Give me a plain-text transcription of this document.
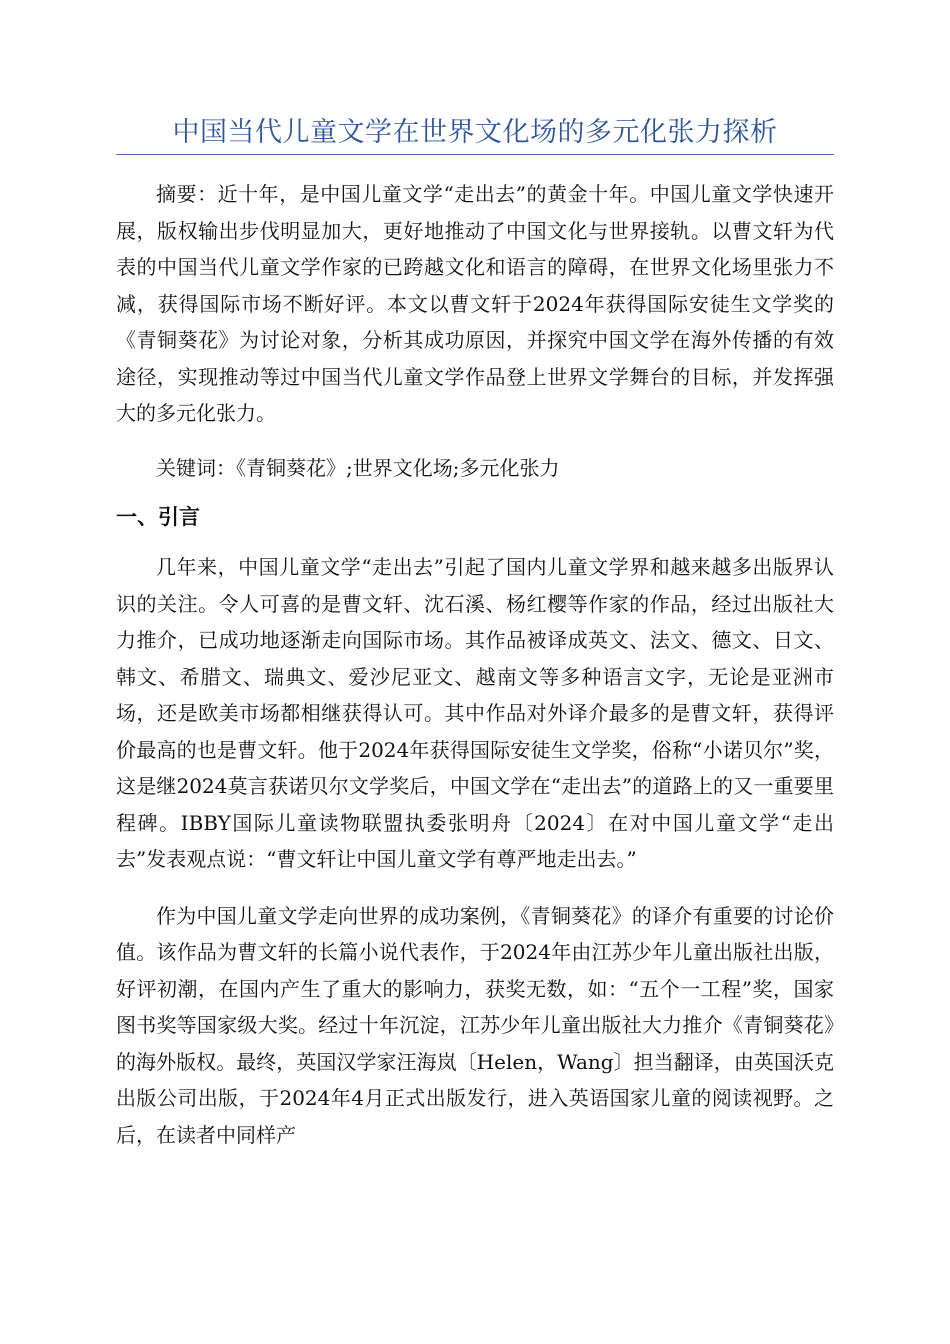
中国当代儿童文学在世界文化场的多元化张力探析

摘要：近十年，是中国儿童文学“走出去”的黄金十年。中国儿童文学快速开展，版权输出步伐明显加大，更好地推动了中国文化与世界接轨。以曹文轩为代表的中国当代儿童文学作家的已跨越文化和语言的障碍，在世界文化场里张力不减，获得国际市场不断好评。本文以曹文轩于2024年获得国际安徒生文学奖的《青铜葵花》为讨论对象，分析其成功原因，并探究中国文学在海外传播的有效途径，实现推动等过中国当代儿童文学作品登上世界文学舞台的目标，并发挥强大的多元化张力。

关键词：《青铜葵花》;世界文化场;多元化张力

一、引言

几年来，中国儿童文学“走出去”引起了国内儿童文学界和越来越多出版界认识的关注。令人可喜的是曹文轩、沈石溪、杨红樱等作家的作品，经过出版社大力推介，已成功地逐渐走向国际市场。其作品被译成英文、法文、德文、日文、韩文、希腊文、瑞典文、爱沙尼亚文、越南文等多种语言文字，无论是亚洲市场，还是欧美市场都相继获得认可。其中作品对外译介最多的是曹文轩，获得评价最高的也是曹文轩。他于2024年获得国际安徒生文学奖，俗称“小诺贝尔”奖，这是继2024莫言获诺贝尔文学奖后，中国文学在“走出去”的道路上的又一重要里程碑。IBBY国际儿童读物联盟执委张明舟〔2024〕在对中国儿童文学“走出去”发表观点说：“曹文轩让中国儿童文学有尊严地走出去。”

作为中国儿童文学走向世界的成功案例，《青铜葵花》的译介有重要的讨论价值。该作品为曹文轩的长篇小说代表作，于2024年由江苏少年儿童出版社出版，好评初潮，在国内产生了重大的影响力，获奖无数，如：“五个一工程”奖，国家图书奖等国家级大奖。经过十年沉淀，江苏少年儿童出版社大力推介《青铜葵花》的海外版权。最终，英国汉学家汪海岚〔Helen，Wang〕担当翻译，由英国沃克出版公司出版，于2024年4月正式出版发行，进入英语国家儿童的阅读视野。之后，在读者中同样产
